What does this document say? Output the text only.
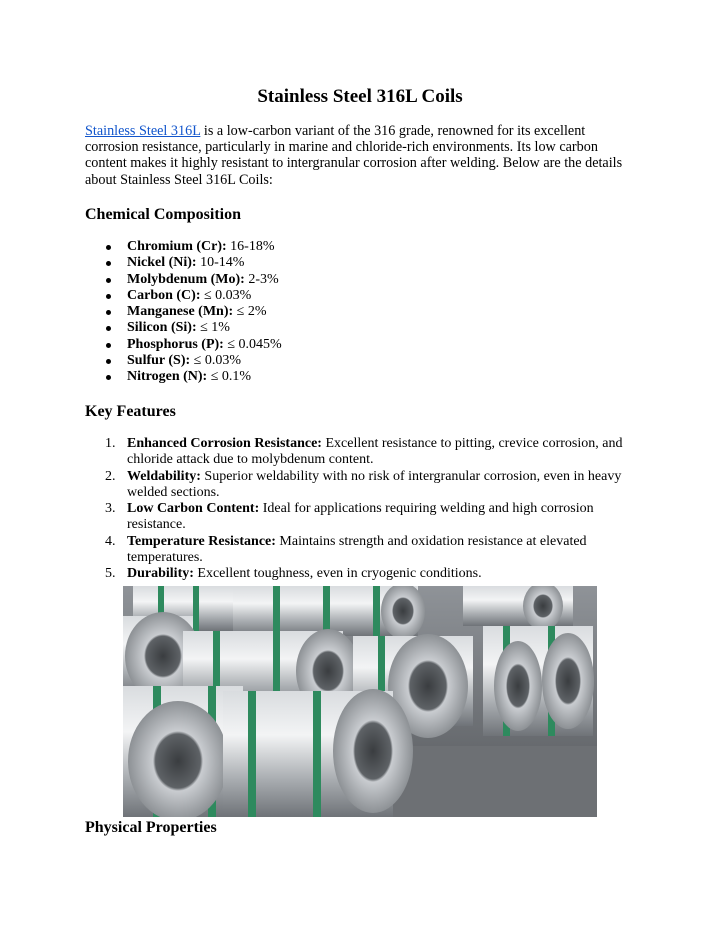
Stainless Steel 316L Coils

Stainless Steel 316L is a low-carbon variant of the 316 grade, renowned for its excellent corrosion resistance, particularly in marine and chloride-rich environments. Its low carbon content makes it highly resistant to intergranular corrosion after welding. Below are the details about Stainless Steel 316L Coils:

Chemical Composition
Chromium (Cr): 16-18%
Nickel (Ni): 10-14%
Molybdenum (Mo): 2-3%
Carbon (C): ≤ 0.03%
Manganese (Mn): ≤ 2%
Silicon (Si): ≤ 1%
Phosphorus (P): ≤ 0.045%
Sulfur (S): ≤ 0.03%
Nitrogen (N): ≤ 0.1%
Key Features
1. Enhanced Corrosion Resistance: Excellent resistance to pitting, crevice corrosion, and chloride attack due to molybdenum content.
2. Weldability: Superior weldability with no risk of intergranular corrosion, even in heavy welded sections.
3. Low Carbon Content: Ideal for applications requiring welding and high corrosion resistance.
4. Temperature Resistance: Maintains strength and oxidation resistance at elevated temperatures.
5. Durability: Excellent toughness, even in cryogenic conditions.
Physical Properties
